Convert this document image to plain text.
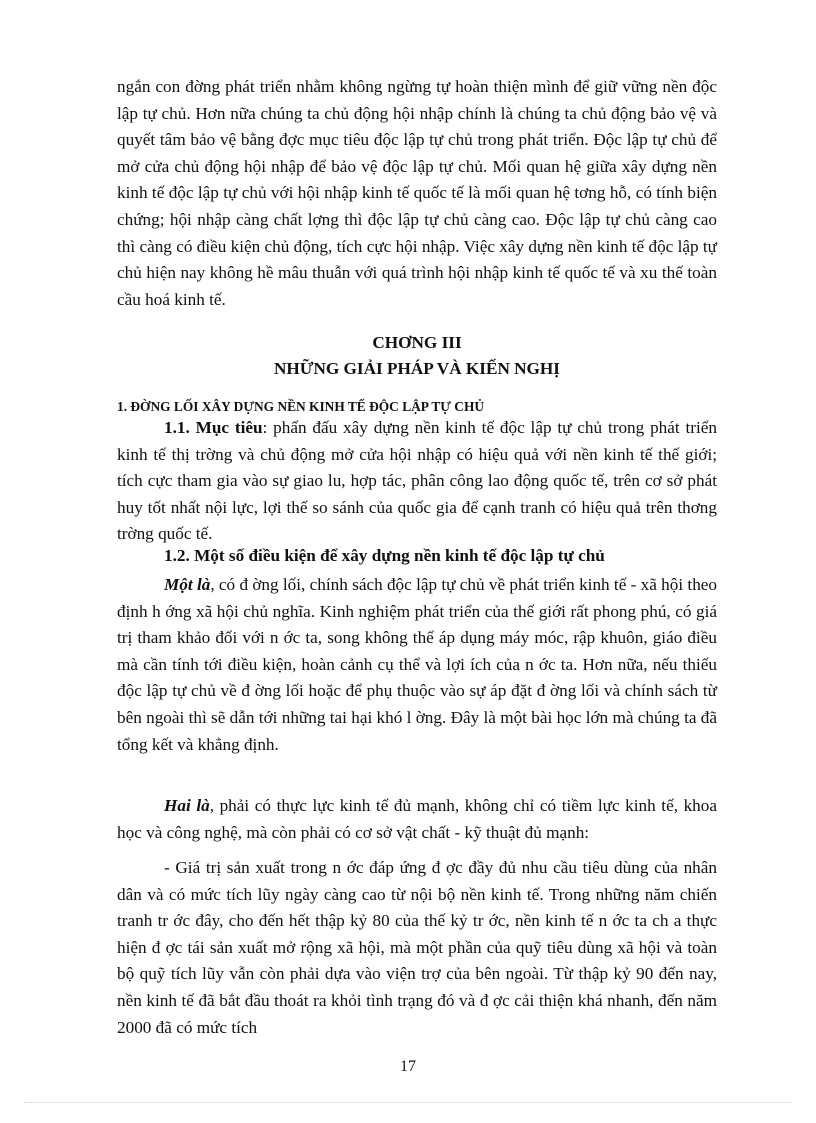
ngắn con đờng phát triển nhằm không ngừng tự hoàn thiện mình để giữ vững nền độc lập tự chủ. Hơn nữa chúng ta chủ động hội nhập chính là chúng ta chủ động bảo vệ và quyết tâm bảo vệ bằng đợc mục tiêu độc lập tự chủ trong phát triển. Độc lập tự chủ để mở cửa chủ động hội nhập để bảo vệ độc lập tự chủ. Mối quan hệ giữa xây dựng nền kinh tế độc lập tự chủ với hội nhập kinh tế quốc tế là mối quan hệ tơng hỗ, có tính biện chứng; hội nhập càng chất lợng thì độc lập tự chủ càng cao. Độc lập tự chủ càng cao thì càng có điều kiện chủ động, tích cực hội nhập. Việc xây dựng nền kinh tế độc lập tự chủ hiện nay không hề mâu thuẫn với quá trình hội nhập kinh tế quốc tế và xu thế toàn cầu hoá kinh tế.

CHƠNG III
NHỮNG GIẢI PHÁP VÀ KIẾN NGHỊ
1. ĐỜNG LỐI XÂY DỰNG NỀN KINH TẾ ĐỘC LẬP TỰ CHỦ

1.1. Mục tiêu: phấn đấu xây dựng nền kinh tế độc lập tự chủ trong phát triển kinh tế thị trờng và chủ động mở cửa hội nhập có hiệu quả với nền kinh tế thế giới; tích cực tham gia vào sự giao lu, hợp tác, phân công lao động quốc tế, trên cơ sở phát huy tốt nhất nội lực, lợi thế so sánh của quốc gia để cạnh tranh có hiệu quả trên thơng trờng quốc tế.

1.2. Một số điều kiện để xây dựng nền kinh tế độc lập tự chủ

Một là, có đ ờng lối, chính sách độc lập tự chủ về phát triển kinh tế - xã hội theo định h ớng xã hội chủ nghĩa. Kinh nghiệm phát triển của thế giới rất phong phú, có giá trị tham khảo đối với n ớc ta, song không thể áp dụng máy móc, rập khuôn, giáo điều mà cần tính tới điều kiện, hoàn cảnh cụ thể và lợi ích của n ớc ta. Hơn nữa, nếu thiếu độc lập tự chủ về đ ờng lối hoặc để phụ thuộc vào sự áp đặt đ ờng lối và chính sách từ bên ngoài thì sẽ dẫn tới những tai hại khó l ờng. Đây là một bài học lớn mà chúng ta đã tổng kết và khẳng định.

Hai là, phải có thực lực kinh tế đủ mạnh, không chỉ có tiềm lực kinh tế, khoa học và công nghệ, mà còn phải có cơ sở vật chất - kỹ thuật đủ mạnh:

- Giá trị sản xuất trong n ớc đáp ứng đ ợc đầy đủ nhu cầu tiêu dùng của nhân dân và có mức tích lũy ngày càng cao từ nội bộ nền kinh tế. Trong những năm chiến tranh tr ớc đây, cho đến hết thập kỷ 80 của thế kỷ tr ớc, nền kinh tế n ớc ta ch a thực hiện đ ợc tái sản xuất mở rộng xã hội, mà một phần của quỹ tiêu dùng xã hội và toàn bộ quỹ tích lũy vẫn còn phải dựa vào viện trợ của bên ngoài. Từ thập kỷ 90 đến nay, nền kinh tế đã bắt đầu thoát ra khỏi tình trạng đó và đ ợc cải thiện khá nhanh, đến năm 2000 đã có mức tích

17
